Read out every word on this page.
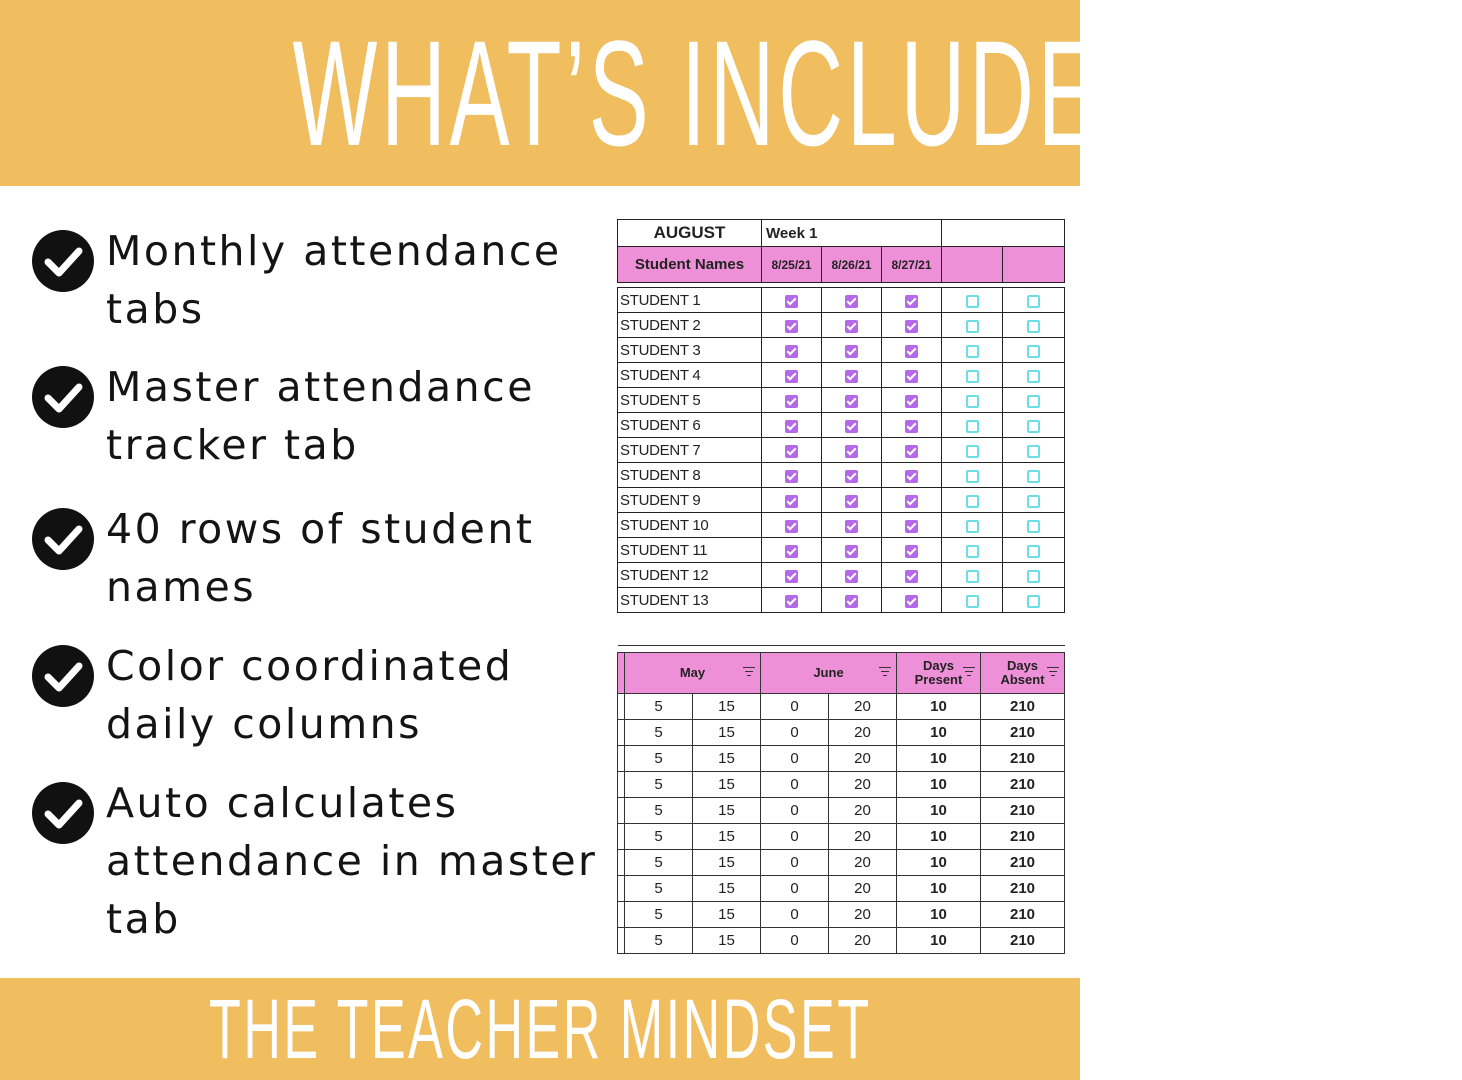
WHAT’S INCLUDED
Monthly attendance tabs
Master attendance tracker tab
40 rows of student names
Color coordinated daily columns
Auto calculates attendance in master tab
AUGUST	Week 1				
Student Names	8/25/21	8/26/21	8/27/21		

STUDENT 1					
STUDENT 2					
STUDENT 3					
STUDENT 4					
STUDENT 5					
STUDENT 6					
STUDENT 7					
STUDENT 8					
STUDENT 9					
STUDENT 10					
STUDENT 11					
STUDENT 12					
STUDENT 13					

	May		June		Days Present	Days Absent

	5	15	0	20	10	210
	5	15	0	20	10	210
	5	15	0	20	10	210
	5	15	0	20	10	210
	5	15	0	20	10	210
	5	15	0	20	10	210
	5	15	0	20	10	210
	5	15	0	20	10	210
	5	15	0	20	10	210
	5	15	0	20	10	210
THE TEACHER MINDSET
